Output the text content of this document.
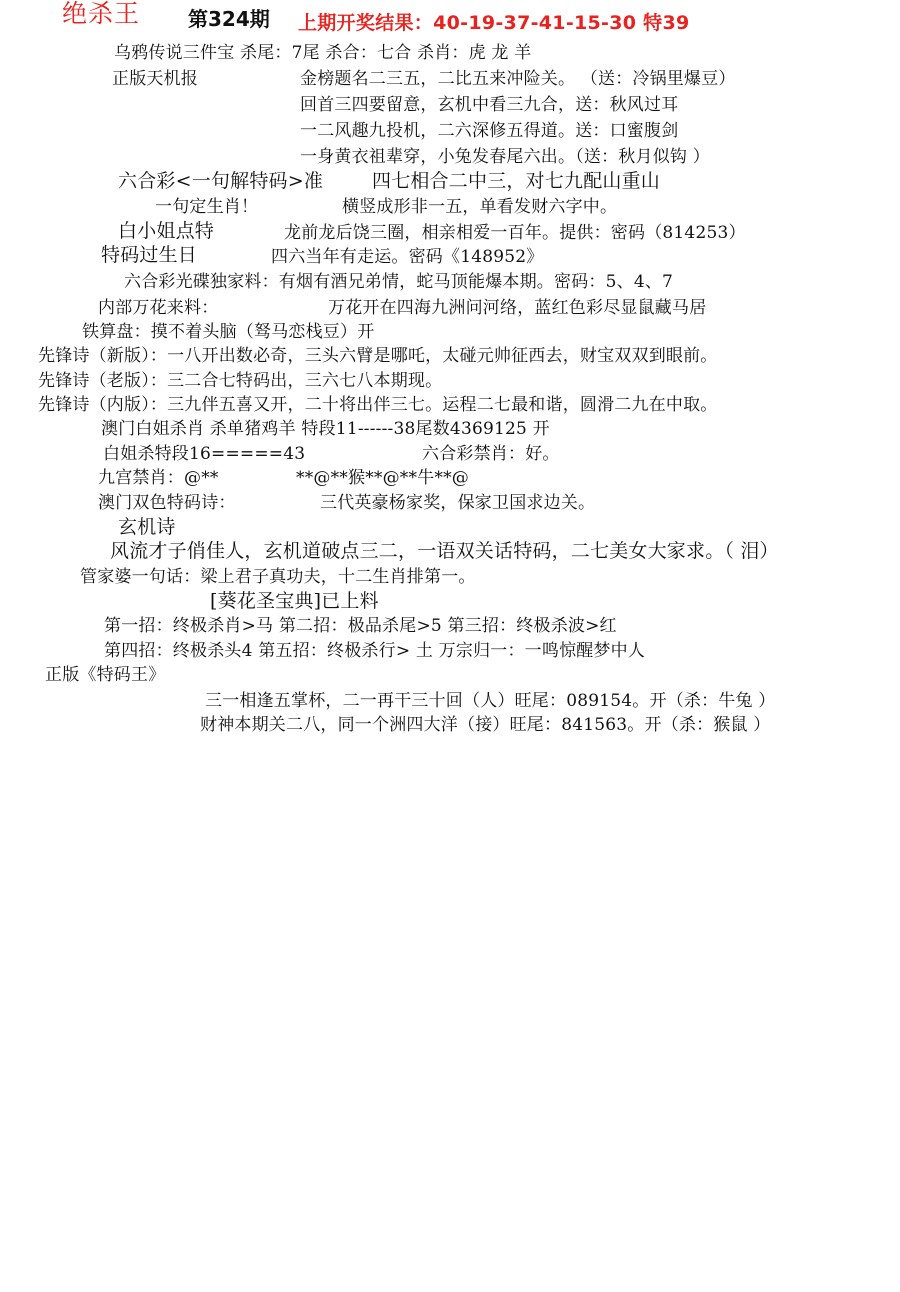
绝杀王 第324期 上期开奖结果：40-19-37-41-15-30 特39
乌鸦传说三件宝 杀尾：7尾 杀合：七合 杀肖：虎 龙 羊
正版天机报	金榜题名二三五，二比五来冲险关。 （送：冷锅里爆豆）
回首三四要留意，玄机中看三九合，送：秋风过耳
一二风趣九投机，二六深修五得道。送：口蜜腹剑
一身黄衣祖辈穿，小兔发春尾六出。（送：秋月似钩 ）
六合彩<一句解特码>准	四七相合二中三，对七九配山重山
一句定生肖！	横竖成形非一五，单看发财六字中。
白小姐点特	龙前龙后饶三圈，相亲相爱一百年。提供：密码（814253）
特码过生日	四六当年有走运。密码《148952》
六合彩光碟独家料：有烟有酒兄弟情，蛇马顶能爆本期。密码：5、4、7
内部万花来料：	万花开在四海九洲问河络，蓝红色彩尽显鼠藏马居
铁算盘：摸不着头脑（驽马恋栈豆）开
先锋诗（新版）：一八开出数必奇，三头六臂是哪吒，太碰元帅征西去，财宝双双到眼前。
先锋诗（老版）：三二合七特码出，三六七八本期现。
先锋诗（内版）：三九伴五喜又开，二十将出伴三七。运程二七最和谐，圆滑二九在中取。
澳门白姐杀肖 杀单猪鸡羊 特段11------38尾数4369125 开
白姐杀特段16=====43	六合彩禁肖：好。
九宫禁肖：@**	**@**猴**@**牛**@
澳门双色特码诗：	三代英豪杨家奖，保家卫国求边关。
玄机诗
风流才子俏佳人，玄机道破点三二，一语双关话特码，二七美女大家求。（ 泪）
管家婆一句话：梁上君子真功夫，十二生肖排第一。
[葵花圣宝典]已上料
第一招：终极杀肖>马 第二招：极品杀尾>5 第三招：终极杀波>红
第四招：终极杀头4 第五招：终极杀行> 土 万宗归一：一鸣惊醒梦中人
正版《特码王》
三一相逢五掌杯，二一再干三十回（人）旺尾：089154。开（杀：牛兔 ）
财神本期关二八，同一个洲四大洋（接）旺尾：841563。开（杀：猴鼠 ）
